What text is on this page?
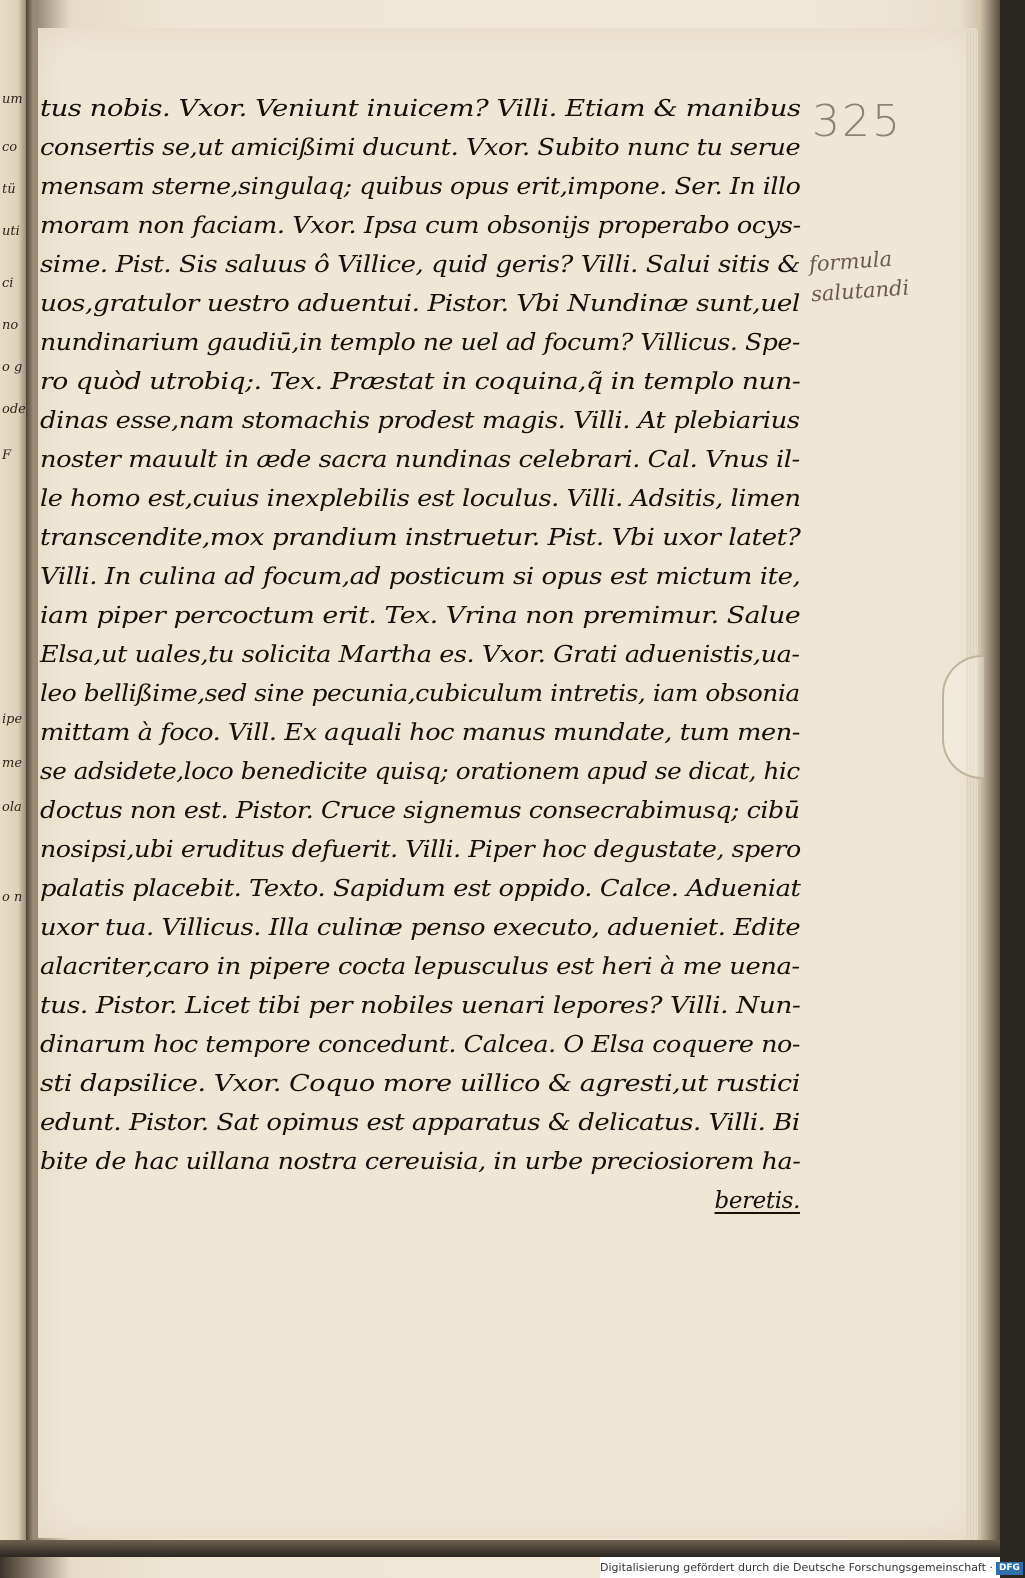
um
co
tü
uti
ci
no
o g
ode
F
ipe
me
ola
o n
325
formula
salutandi
tus nobis. Vxor. Veniunt inuicem? Villi. Etiam & manibus
consertis se,ut amicißimi ducunt. Vxor. Subito nunc tu serue
mensam sterne,singulaq; quibus opus erit,impone. Ser. In illo
moram non faciam. Vxor. Ipsa cum obsonijs properabo ocys-
sime. Pist. Sis saluus ô Villice, quid geris? Villi. Salui sitis &
uos,gratulor uestro aduentui. Pistor. Vbi Nundinæ sunt,uel
nundinarium gaudiū,in templo ne uel ad focum? Villicus. Spe-
ro quòd utrobiq;. Tex. Præstat in coquina,q̃ in templo nun-
dinas esse,nam stomachis prodest magis. Villi. At plebiarius
noster mauult in æde sacra nundinas celebrari. Cal. Vnus il-
le homo est,cuius inexplebilis est loculus. Villi. Adsitis, limen
transcendite,mox prandium instruetur. Pist. Vbi uxor latet?
Villi. In culina ad focum,ad posticum si opus est mictum ite,
iam piper percoctum erit. Tex. Vrina non premimur. Salue
Elsa,ut uales,tu solicita Martha es. Vxor. Grati aduenistis,ua-
leo bellißime,sed sine pecunia,cubiculum intretis, iam obsonia
mittam à foco. Vill. Ex aquali hoc manus mundate, tum men-
se adsidete,loco benedicite quisq; orationem apud se dicat, hic
doctus non est. Pistor. Cruce signemus consecrabimusq; cibū
nosipsi,ubi eruditus defuerit. Villi. Piper hoc degustate, spero
palatis placebit. Texto. Sapidum est oppido. Calce. Adueniat
uxor tua. Villicus. Illa culinæ penso executo, adueniet. Edite
alacriter,caro in pipere cocta lepusculus est heri à me uena-
tus. Pistor. Licet tibi per nobiles uenari lepores? Villi. Nun-
dinarum hoc tempore concedunt. Calcea. O Elsa coquere no-
sti dapsilice. Vxor. Coquo more uillico & agresti,ut rustici
edunt. Pistor. Sat opimus est apparatus & delicatus. Villi. Bi
bite de hac uillana nostra cereuisia, in urbe preciosiorem ha-
beretis.
Digitalisierung gefördert durch die Deutsche Forschungsgemeinschaft · DFG
